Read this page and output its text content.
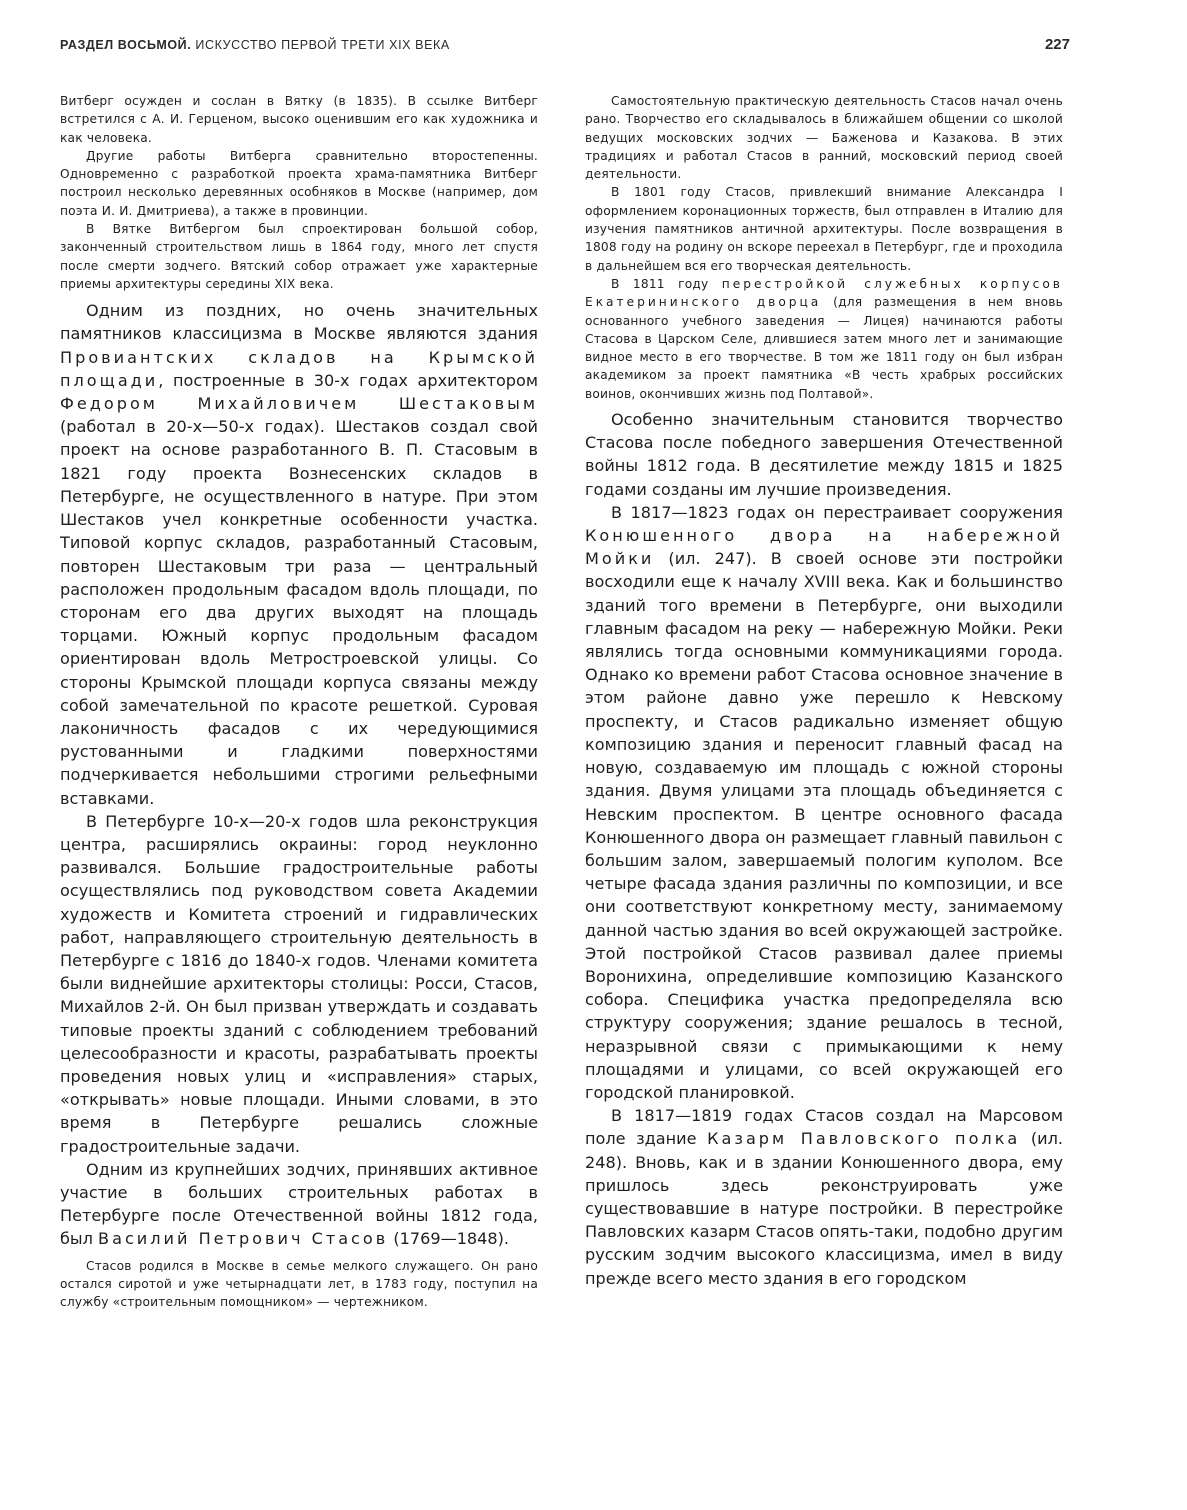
РАЗДЕЛ ВОСЬМОЙ. ИСКУССТВО ПЕРВОЙ ТРЕТИ XIX ВЕКА	227

Витберг осужден и сослан в Вятку (в 1835). В ссылке Витберг встретился с А. И. Герценом, высоко оценившим его как художника и как человека.

Другие работы Витберга сравнительно второстепенны. Одновременно с разработкой проекта храма-памятника Витберг построил несколько деревянных особняков в Москве (например, дом поэта И. И. Дмитриева), а также в провинции.

В Вятке Витбергом был спроектирован большой собор, законченный строительством лишь в 1864 году, много лет спустя после смерти зодчего. Вятский собор отражает уже характерные приемы архитектуры середины XIX века.

Одним из поздних, но очень значительных памятников классицизма в Москве являются здания Провиантских складов на Крымской площади, построенные в 30-х годах архитектором Федором Михайловичем Шестаковым (работал в 20-х—50-х годах). Шестаков создал свой проект на основе разработанного В. П. Стасовым в 1821 году проекта Вознесенских складов в Петербурге, не осуществленного в натуре. При этом Шестаков учел конкретные особенности участка. Типовой корпус складов, разработанный Стасовым, повторен Шестаковым три раза — центральный расположен продольным фасадом вдоль площади, по сторонам его два других выходят на площадь торцами. Южный корпус продольным фасадом ориентирован вдоль Метростроевской улицы. Со стороны Крымской площади корпуса связаны между собой замечательной по красоте решеткой. Суровая лаконичность фасадов с их чередующимися рустованными и гладкими поверхностями подчеркивается небольшими строгими рельефными вставками.

В Петербурге 10-х—20-х годов шла реконструкция центра, расширялись окраины: город неуклонно развивался. Большие градостроительные работы осуществлялись под руководством совета Академии художеств и Комитета строений и гидравлических работ, направляющего строительную деятельность в Петербурге с 1816 до 1840-х годов. Членами комитета были виднейшие архитекторы столицы: Росси, Стасов, Михайлов 2-й. Он был призван утверждать и создавать типовые проекты зданий с соблюдением требований целесообразности и красоты, разрабатывать проекты проведения новых улиц и «исправления» старых, «открывать» новые площади. Иными словами, в это время в Петербурге решались сложные градостроительные задачи.

Одним из крупнейших зодчих, принявших активное участие в больших строительных работах в Петербурге после Отечественной войны 1812 года, был Василий Петрович Стасов (1769—1848).

Стасов родился в Москве в семье мелкого служащего. Он рано остался сиротой и уже четырнадцати лет, в 1783 году, поступил на службу «строительным помощником» — чертежником.

Самостоятельную практическую деятельность Стасов начал очень рано. Творчество его складывалось в ближайшем общении со школой ведущих московских зодчих — Баженова и Казакова. В этих традициях и работал Стасов в ранний, московский период своей деятельности.

В 1801 году Стасов, привлекший внимание Александра I оформлением коронационных торжеств, был отправлен в Италию для изучения памятников античной архитектуры. После возвращения в 1808 году на родину он вскоре переехал в Петербург, где и проходила в дальнейшем вся его творческая деятельность.

В 1811 году перестройкой служебных корпусов Екатерининского дворца (для размещения в нем вновь основанного учебного заведения — Лицея) начинаются работы Стасова в Царском Селе, длившиеся затем много лет и занимающие видное место в его творчестве. В том же 1811 году он был избран академиком за проект памятника «В честь храбрых российских воинов, окончивших жизнь под Полтавой».

Особенно значительным становится творчество Стасова после победного завершения Отечественной войны 1812 года. В десятилетие между 1815 и 1825 годами созданы им лучшие произведения.

В 1817—1823 годах он перестраивает сооружения Конюшенного двора на набережной Мойки (ил. 247). В своей основе эти постройки восходили еще к началу XVIII века. Как и большинство зданий того времени в Петербурге, они выходили главным фасадом на реку — набережную Мойки. Реки являлись тогда основными коммуникациями города. Однако ко времени работ Стасова основное значение в этом районе давно уже перешло к Невскому проспекту, и Стасов радикально изменяет общую композицию здания и переносит главный фасад на новую, создаваемую им площадь с южной стороны здания. Двумя улицами эта площадь объединяется с Невским проспектом. В центре основного фасада Конюшенного двора он размещает главный павильон с большим залом, завершаемый пологим куполом. Все четыре фасада здания различны по композиции, и все они соответствуют конкретному месту, занимаемому данной частью здания во всей окружающей застройке. Этой постройкой Стасов развивал далее приемы Воронихина, определившие композицию Казанского собора. Специфика участка предопределяла всю структуру сооружения; здание решалось в тесной, неразрывной связи с примыкающими к нему площадями и улицами, со всей окружающей его городской планировкой.

В 1817—1819 годах Стасов создал на Марсовом поле здание Казарм Павловского полка (ил. 248). Вновь, как и в здании Конюшенного двора, ему пришлось здесь реконструировать уже существовавшие в натуре постройки. В перестройке Павловских казарм Стасов опять-таки, подобно другим русским зодчим высокого классицизма, имел в виду прежде всего место здания в его городском
